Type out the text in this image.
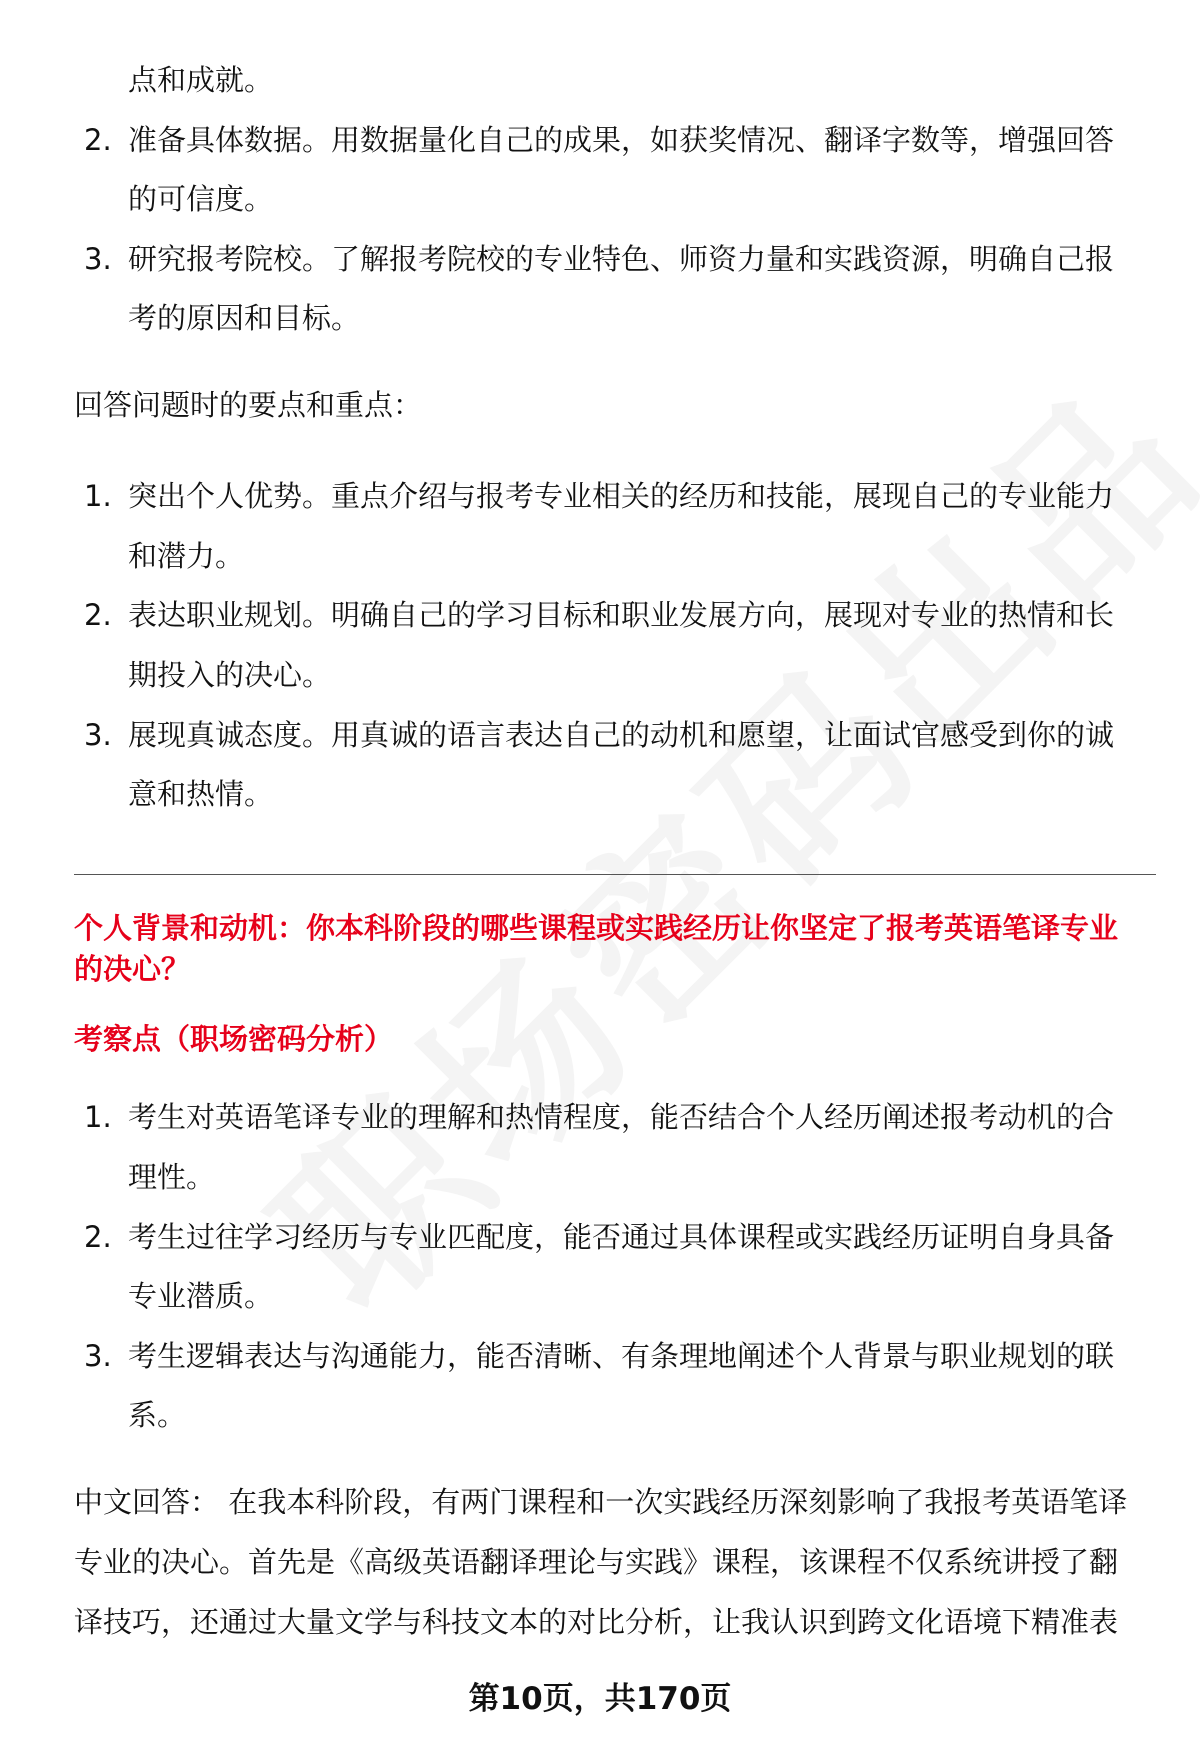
点和成就。
2. 准备具体数据。用数据量化自己的成果，如获奖情况、翻译字数等，增强回答
的可信度。
3. 研究报考院校。了解报考院校的专业特色、师资力量和实践资源，明确自己报
考的原因和目标。
回答问题时的要点和重点：
1. 突出个人优势。重点介绍与报考专业相关的经历和技能，展现自己的专业能力
和潜力。
2. 表达职业规划。明确自己的学习目标和职业发展方向，展现对专业的热情和长
期投入的决心。
3. 展现真诚态度。用真诚的语言表达自己的动机和愿望，让面试官感受到你的诚
意和热情。
个人背景和动机：你本科阶段的哪些课程或实践经历让你坚定了报考英语笔译专业
的决心？
考察点（职场密码分析）
1. 考生对英语笔译专业的理解和热情程度，能否结合个人经历阐述报考动机的合
理性。
2. 考生过往学习经历与专业匹配度，能否通过具体课程或实践经历证明自身具备
专业潜质。
3. 考生逻辑表达与沟通能力，能否清晰、有条理地阐述个人背景与职业规划的联
系。
中文回答： 在我本科阶段，有两门课程和一次实践经历深刻影响了我报考英语笔译
专业的决心。首先是《高级英语翻译理论与实践》课程，该课程不仅系统讲授了翻
译技巧，还通过大量文学与科技文本的对比分析，让我认识到跨文化语境下精准表
第10页，共170页
